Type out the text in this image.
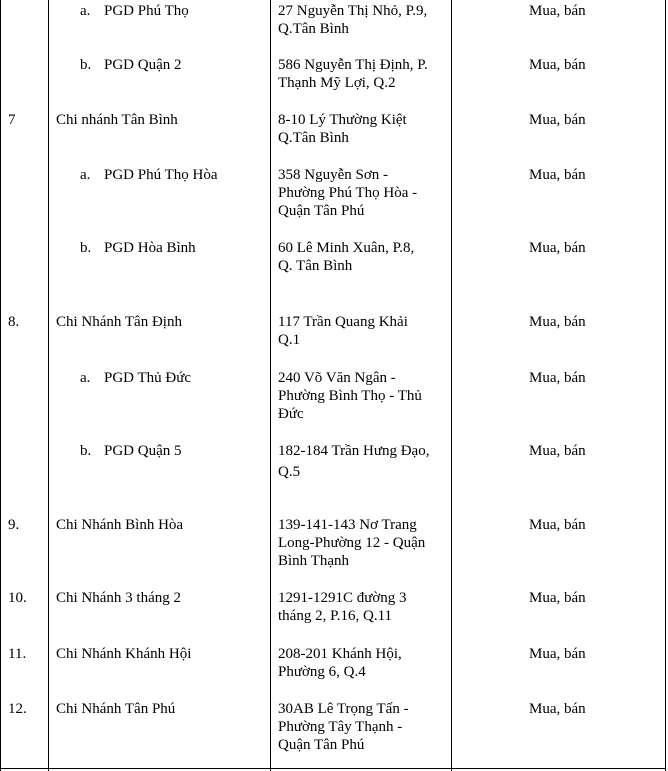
a. PGD Phú Thọ	27 Nguyễn Thị Nhỏ, P.9,
Q.Tân Bình
Mua, bán
b. PGD Quận 2	586 Nguyễn Thị Định, P.
Thạnh Mỹ Lợi, Q.2
Mua, bán
7	Chi nhánh Tân Bình	8-10 Lý Thường Kiệt
Q.Tân Bình
Mua, bán
a. PGD Phú Thọ Hòa	358 Nguyễn Sơn -
Phường Phú Thọ Hòa -
Quận Tân Phú
Mua, bán
b. PGD Hòa Bình	60 Lê Minh Xuân, P.8,
Q. Tân Bình
Mua, bán
8. Chi Nhánh Tân Định	117 Trần Quang Khải
Q.1
Mua, bán
a. PGD Thủ Đức	240 Võ Văn Ngân -
Phường Bình Thọ - Thủ
Đức
Mua, bán
b. PGD Quận 5	182-184 Trần Hưng Đạo,
Q.5
Mua, bán
9. Chi Nhánh Bình Hòa	139-141-143 Nơ Trang
Long-Phường 12 - Quận
Bình Thạnh
Mua, bán
10. Chi Nhánh 3 tháng 2	1291-1291C đường 3
tháng 2, P.16, Q.11
Mua, bán
11. Chi Nhánh Khánh Hội	208-201 Khánh Hội,
Phường 6, Q.4
Mua, bán
12. Chi Nhánh Tân Phú	30AB Lê Trọng Tấn -
Phường Tây Thạnh -
Quận Tân Phú
Mua, bán
